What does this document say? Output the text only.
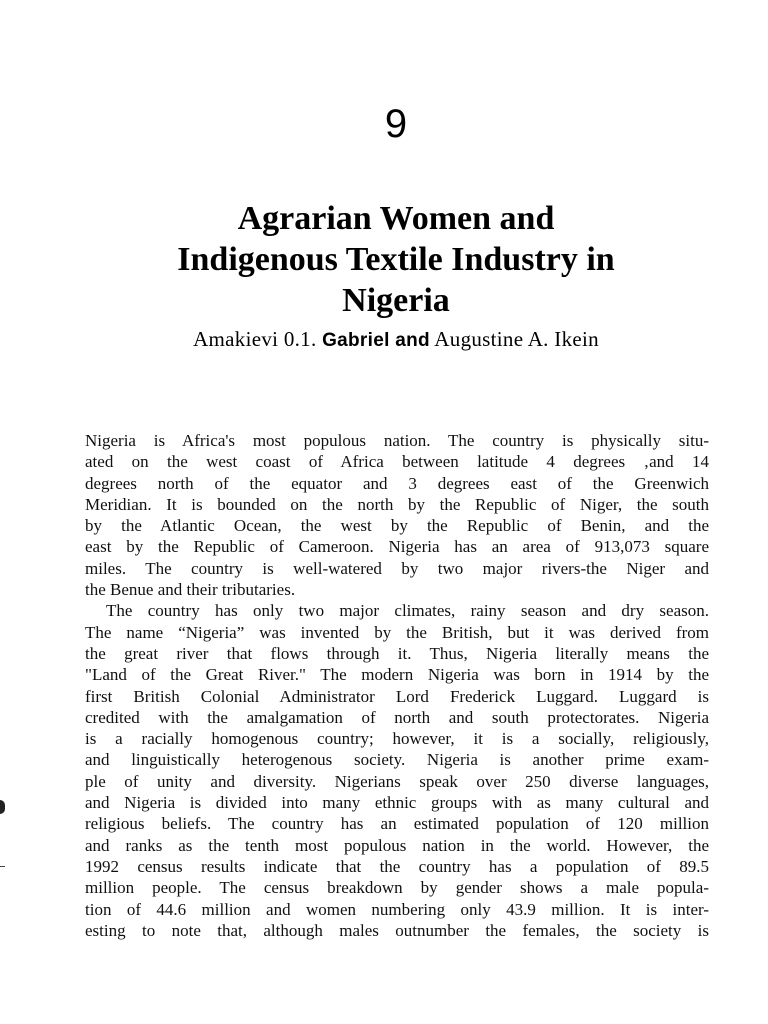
9
Agrarian Women and
Indigenous Textile Industry in
Nigeria
Amakievi 0.1. Gabriel and Augustine A. Ikein
Nigeria is Africa's most populous nation. The country is physically situ-
ated on the west coast of Africa between latitude 4 degrees ‚and 14
degrees north of the equator and 3 degrees east of the Greenwich
Meridian. It is bounded on the north by the Republic of Niger, the south
by the Atlantic Ocean, the west by the Republic of Benin, and the
east by the Republic of Cameroon. Nigeria has an area of 913,073 square
miles. The country is well-watered by two major rivers-the Niger and
the Benue and their tributaries.
The country has only two major climates, rainy season and dry season.
The name “Nigeria” was invented by the British, but it was derived from
the great river that flows through it. Thus, Nigeria literally means the
"Land of the Great River." The modern Nigeria was born in 1914 by the
first British Colonial Administrator Lord Frederick Luggard. Luggard is
credited with the amalgamation of north and south protectorates. Nigeria
is a racially homogenous country; however, it is a socially, religiously,
and linguistically heterogenous society. Nigeria is another prime exam-
ple of unity and diversity. Nigerians speak over 250 diverse languages,
and Nigeria is divided into many ethnic groups with as many cultural and
religious beliefs. The country has an estimated population of 120 million
and ranks as the tenth most populous nation in the world. However, the
1992 census results indicate that the country has a population of 89.5
million people. The census breakdown by gender shows a male popula-
tion of 44.6 million and women numbering only 43.9 million. It is inter-
esting to note that, although males outnumber the females, the society is
